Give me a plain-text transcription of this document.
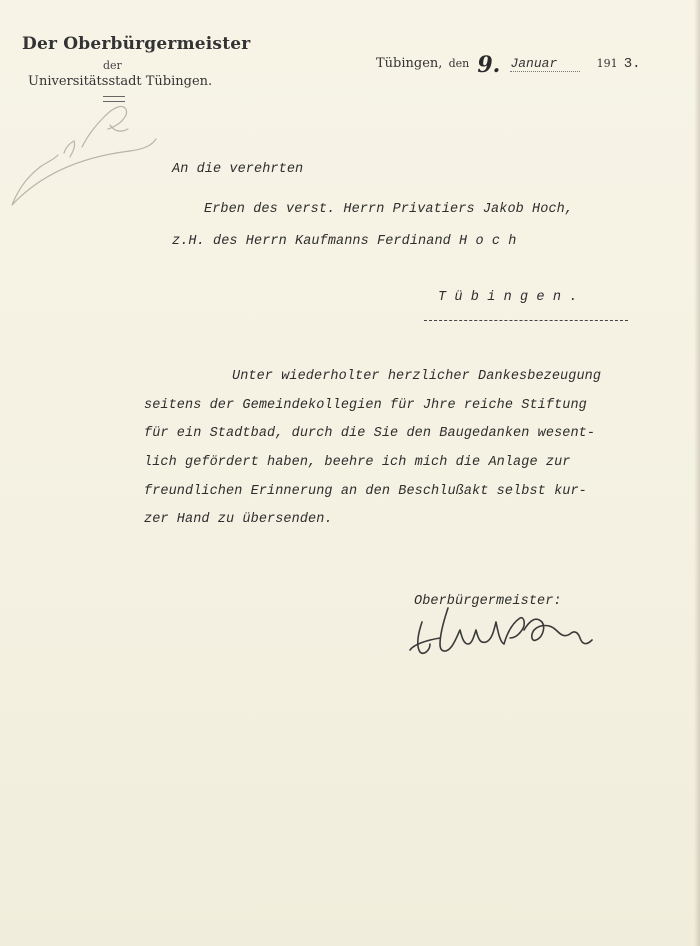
Der Oberbürgermeister
der
Universitätsstadt Tübingen.
Tübingen, den 9. Januar	191 3.
An die verehrten
Erben des verst. Herrn Privatiers Jakob Hoch,
z.H. des Herrn Kaufmanns Ferdinand H o c h
T ü b i n g e n .
Unter wiederholter herzlicher Dankesbezeugung
seitens der Gemeindekollegien für Jhre reiche Stiftung
für ein Stadtbad, durch die Sie den Baugedanken wesent-
lich gefördert haben, beehre ich mich die Anlage zur
freundlichen Erinnerung an den Beschlußakt selbst kur-
zer Hand zu übersenden.
Oberbürgermeister:
